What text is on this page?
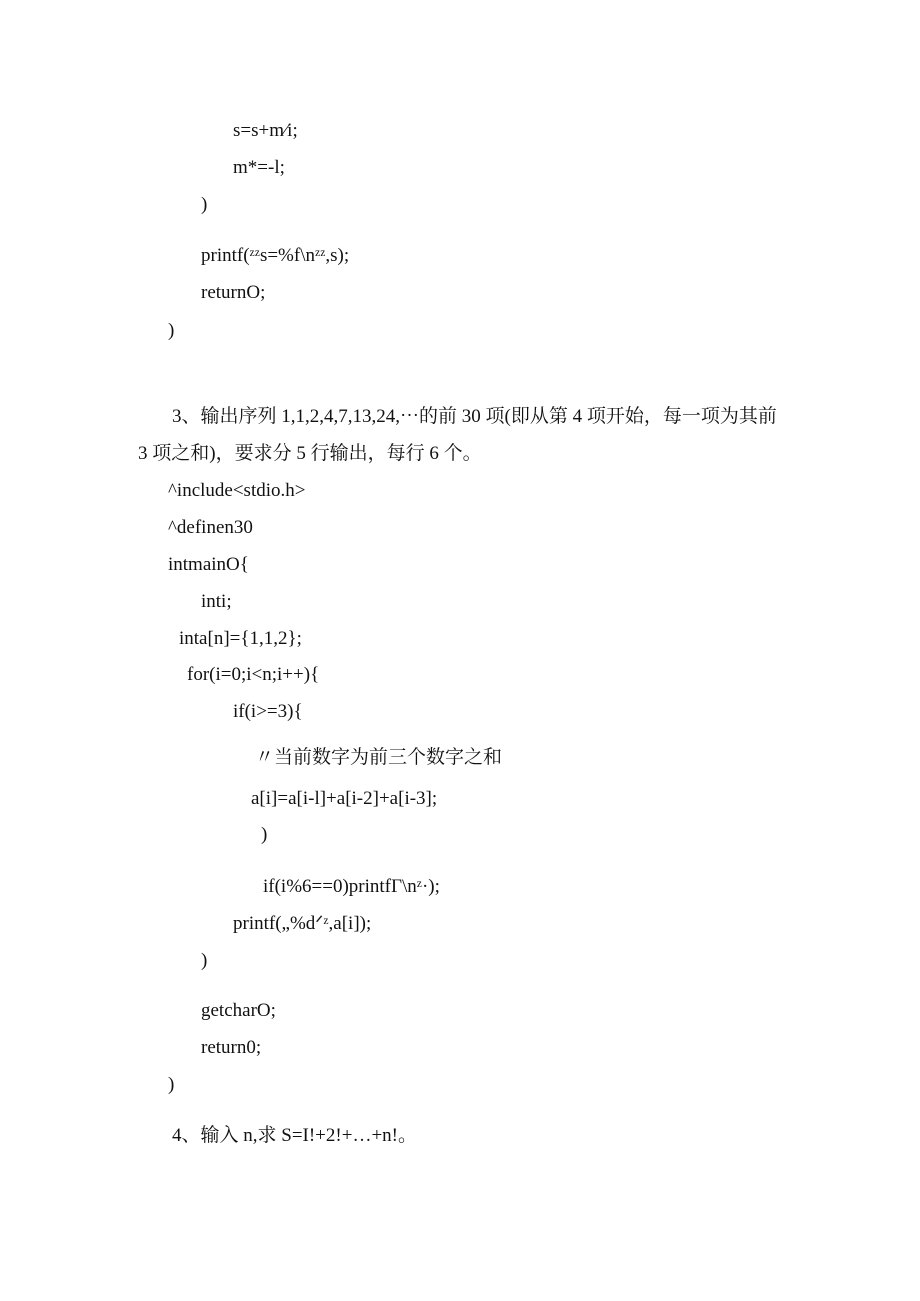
s=s+m⁄i;
m*=-l;
)
printf(ᶻᶻs=%f\nᶻᶻ,s);
returnO;
)
3、输出序列 1,1,2,4,7,13,24,⋯的前 30 项(即从第 4 项开始，每一项为其前 3 项之和)，要求分 5 行输出，每行 6 个。
^include<stdio.h>
^definen30
intmainO{
inti;
inta[n]={1,1,2};
for(i=0;i<n;i++){
if(i>=3){
〃当前数字为前三个数字之和
a[i]=a[i-l]+a[i-2]+a[i-3];
)
if(i%6==0)printfΓ\nᶻ·);
printf(„%dᐟᶻ,a[i]);
)
getcharO;
return0;
)
4、输入 n,求 S=I!+2!+…+n!。
